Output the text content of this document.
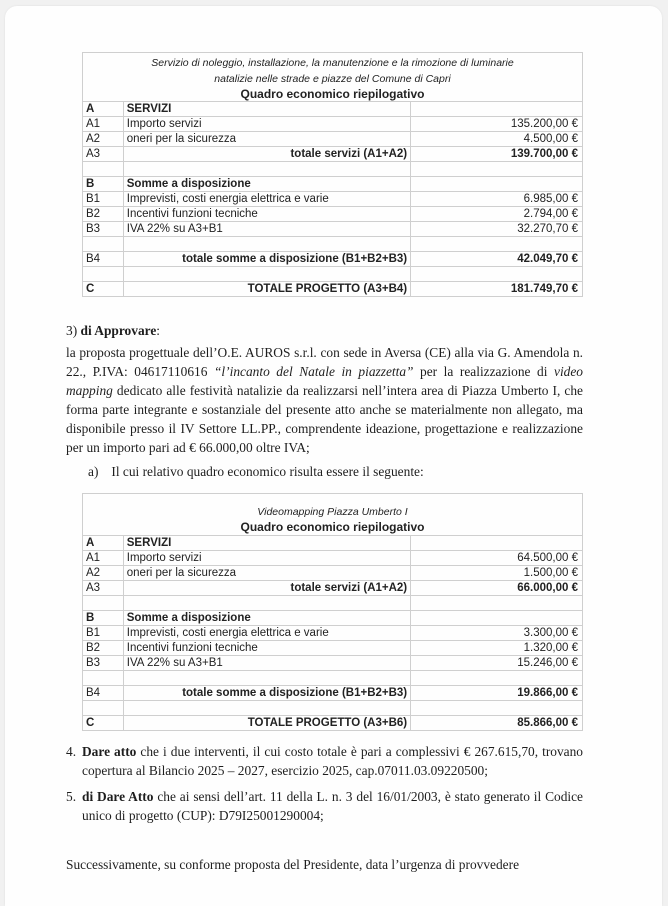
Servizio di noleggio, installazione, la manutenzione e la rimozione di luminarie
natalizie nelle strade e piazze del Comune di Capri
Quadro economico riepilogativo		

A	SERVIZI	
A1	Importo servizi	135.200,00 €
A2	oneri per la sicurezza	4.500,00 €
A3	totale servizi (A1+A2)	139.700,00 €

B	Somme a disposizione	
B1	Imprevisti, costi energia elettrica e varie	6.985,00 €
B2	Incentivi funzioni tecniche	2.794,00 €
B3	IVA 22% su A3+B1	32.270,70 €

B4	totale somme a disposizione (B1+B2+B3)	42.049,70 €

C	TOTALE PROGETTO (A3+B4)	181.749,70 €
3) di Approvare:
la proposta progettuale dell’O.E. AUROS s.r.l. con sede in Aversa (CE) alla via G. Amendola n. 22., P.IVA: 04617110616 “l’incanto del Natale in piazzetta” per la realizzazione di video mapping dedicato alle festività natalizie da realizzarsi nell’intera area di Piazza Umberto I, che forma parte integrante e sostanziale del presente atto anche se materialmente non allegato, ma disponibile presso il IV Settore LL.PP., comprendente ideazione, progettazione e realizzazione per un importo pari ad € 66.000,00 oltre IVA;
a) Il cui relativo quadro economico risulta essere il seguente:
Videomapping Piazza Umberto I
Quadro economico riepilogativo		

A	SERVIZI	
A1	Importo servizi	64.500,00 €
A2	oneri per la sicurezza	1.500,00 €
A3	totale servizi (A1+A2)	66.000,00 €

B	Somme a disposizione	
B1	Imprevisti, costi energia elettrica e varie	3.300,00 €
B2	Incentivi funzioni tecniche	1.320,00 €
B3	IVA 22% su A3+B1	15.246,00 €

B4	totale somme a disposizione (B1+B2+B3)	19.866,00 €

C	TOTALE PROGETTO (A3+B6)	85.866,00 €
4. Dare atto che i due interventi, il cui costo totale è pari a complessivi € 267.615,70, trovano copertura al Bilancio 2025 – 2027, esercizio 2025, cap.07011.03.09220500;
5. di Dare Atto che ai sensi dell’art. 11 della L. n. 3 del 16/01/2003, è stato generato il Codice unico di progetto (CUP): D79I25001290004;
Successivamente, su conforme proposta del Presidente, data l’urgenza di provvedere
